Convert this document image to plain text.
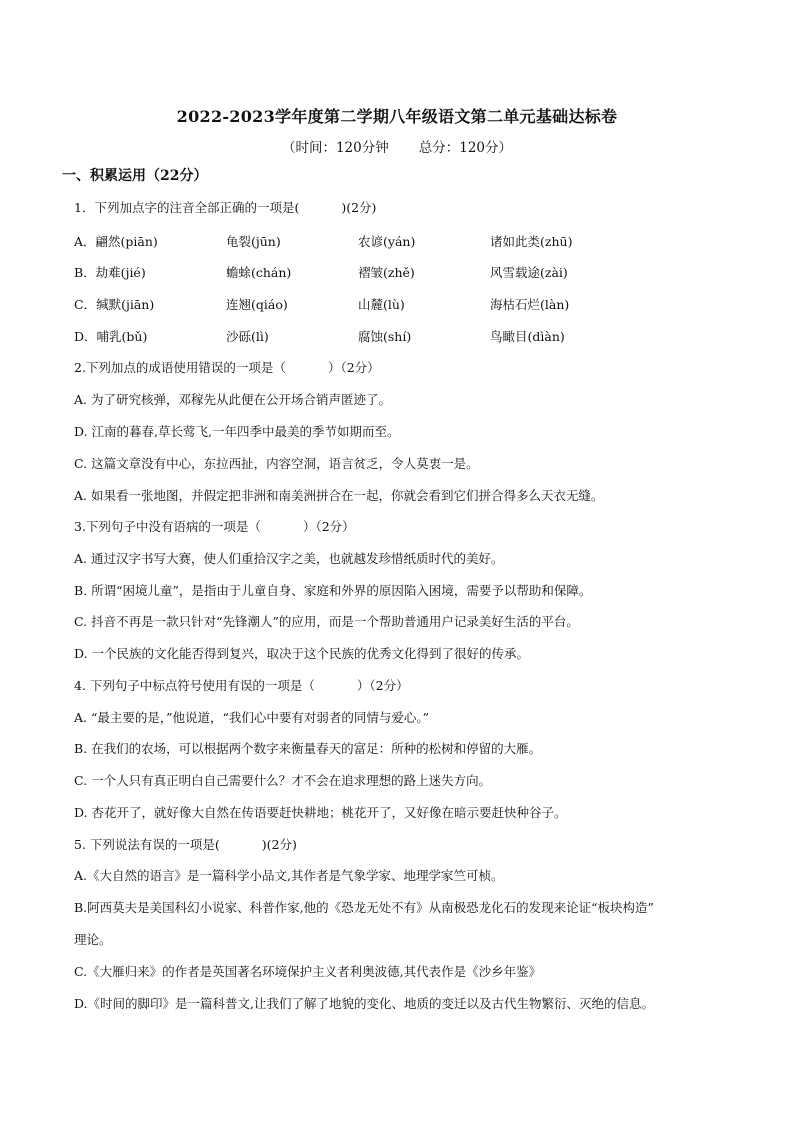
2022-2023学年度第二学期八年级语文第二单元基础达标卷
（时间：120分钟 总分：120分）
一、积累运用（22分）
1．下列加点字的注音全部正确的一项是(	)(2分)
A．翩然(piān)	龟裂(jūn)	农谚(yán)	诸如此类(zhū)
B．劫难(jié)	蟾蜍(chán)	褶皱(zhě)	风雪载途(zài)
C．缄默(jiān)	连翘(qiáo)	山麓(lù)	海枯石烂(làn)
D．哺乳(bǔ)	沙砾(lì)	腐蚀(shí)	鸟瞰目(dìàn)
2.下列加点的成语使用错误的一项是（	）（2分）
A. 为了研究核弹，邓稼先从此便在公开场合销声匿迹了。
D. 江南的暮春,草长莺飞,一年四季中最美的季节如期而至。
C. 这篇文章没有中心，东拉西扯，内容空洞，语言贫乏，令人莫衷一是。
A. 如果看一张地图，并假定把非洲和南美洲拼合在一起，你就会看到它们拼合得多么天衣无缝。
3.下列句子中没有语病的一项是（	）（2分）
A. 通过汉字书写大赛，使人们重拾汉字之美，也就越发珍惜纸质时代的美好。
B. 所谓“困境儿童”，是指由于儿童自身、家庭和外界的原因陷入困境，需要予以帮助和保障。
C. 抖音不再是一款只针对“先锋潮人”的应用，而是一个帮助普通用户记录美好生活的平台。
D. 一个民族的文化能否得到复兴，取决于这个民族的优秀文化得到了很好的传承。
4. 下列句子中标点符号使用有误的一项是（	）（2分）
A. “最主要的是，”他说道，“我们心中要有对弱者的同情与爱心。”
B. 在我们的农场，可以根据两个数字来衡量春天的富足：所种的松树和停留的大雁。
C. 一个人只有真正明白自己需要什么？才不会在追求理想的路上迷失方向。
D. 杏花开了，就好像大自然在传语要赶快耕地；桃花开了，又好像在暗示要赶快种谷子。
5. 下列说法有误的一项是(	)(2分)
A.《大自然的语言》是一篇科学小品文,其作者是气象学家、地理学家竺可桢。
B.阿西莫夫是美国科幻小说家、科普作家,他的《恐龙无处不有》从南极恐龙化石的发现来论证“板块构造”
理论。
C.《大雁归来》的作者是英国著名环境保护主义者利奥波德,其代表作是《沙乡年鉴》
D.《时间的脚印》是一篇科普文,让我们了解了地貌的变化、地质的变迁以及古代生物繁衍、灭绝的信息。
